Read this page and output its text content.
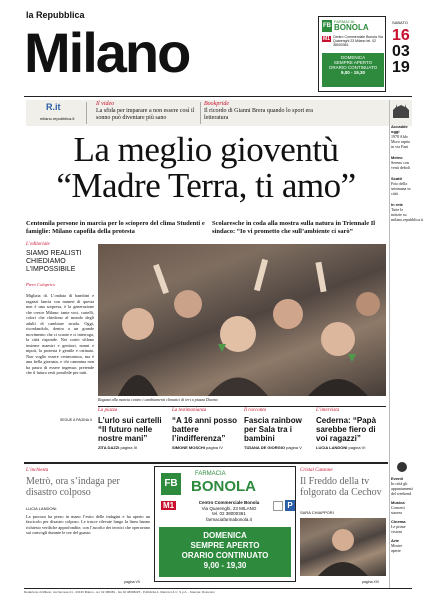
la Repubblica
Milano	FB
FARMACIA
BONOLA
M1 Centro Commerciale Bonola Via Quarenghi 23 Milano tel. 02 38000361
DOMENICA
SEMPRE APERTO
ORARIO CONTINUATO
9,00 - 19,30
SABATO
16
03
19
R.it
milano.repubblica.it
Il video
La sfida per imparare a non essere così il sonno può diventare più sano
Bookpride
Il ricordo di Gianni Brera quando lo sport era letteratura
La meglio gioventù
“Madre Terra, ti amo”
Centomila persone in marcia per lo sciopero del clima Studenti e famiglie: Milano capofila della protesta
Scolaresche in coda alla mostra sulla natura in Triennale Il sindaco: “Io vi prometto che sull’ambiente ci sarò”
L’editoriale
SIAMO REALISTI CHIEDIAMO L’IMPOSSIBILE
Piero Colaprico
Migliaia di. L’ondata di bambini e ragazzi lancia con numeri di questa non è una sorpresa, è la generazione che cresce Milano: tante voci, cartelli, colori che chiedono al mondo degli adulti di cambiare strada. Oggi, ricordandolo, dentro a un grande movimento che ci scuote e ci interroga, la città risponde. Nei cortei sfilano insieme maestri e genitori, nonni e nipoti, la protesta è gentile e ostinata. Non voglio essere cerimonioso, ma è una bella giornata, e chi cammina non ha paura di essere ingenuo: pretende che il futuro resti possibile per tutti.
SEGUE A PAGINA II
Ragazzi alla marcia contro i cambiamenti climatici di ieri a piazza Duomo
Accadde oggi
1978 Aldo Moro rapito in via Fani
Meteo
Sereno con venti deboli
Scatti
Foto della settimana in città
In rete
Tutte le notizie su milano.repubblica.it
Eventi
In città gli appuntamenti del weekend
Musica
Concerti stasera
Cinema
Le prime visioni
Arte
Mostre aperte
La piazza
L’urlo sui cartelli “Il futuro nelle nostre mani”
ZITA DAZZI pagina III
La testimonianza
“A 16 anni posso battere l’indifferenza”
SIMONE MOSCHI pagina IV
Il racconto
Fascia rainbow per Sala tra i bambini
TIZIANA DE GIORGIO pagina V
L’intervista
Cederna: “Papà sarebbe fiero di voi ragazzi”
LUCIA LANDONI pagina VI
L’inchiesta
Metrò, ora s’indaga per disastro colposo
LUCIA LANDONI
La procura ha preso in mano l’esito delle indagini e ha aperto un fascicolo per disastro colposo. Le tracce rilevate lungo la linea hanno richiesto verifiche approfondite, con l’ascolto dei tecnici che operavano sui convogli durante le ore del guasto.
pagina VII
FB
FARMACIA
BONOLA
M1	Centro Commerciale Bonola
Via Quarenghi, 23 MILANO
tel. 02 38000361
farmaciafarmabonola.it
P
DOMENICA
SEMPRE APERTO
ORARIO CONTINUATO
9,00 - 19,30
Cristal Canzone
Il Freddo della tv folgorato da Cechov
SARA CHIAPPORI
pagina XIV
Redazione di Milano: via Nervesa 21 - 20139 Milano - tel. 02 480981 - fax 02 48098225 - Pubblicità A. Manzoni & C. S.p.A. - Stampa: Rotocolor
